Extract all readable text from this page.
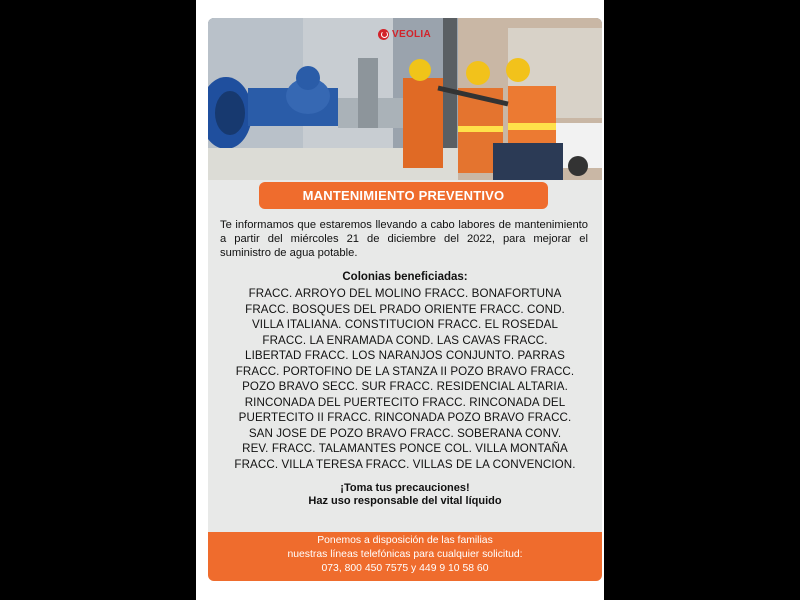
VEOLIA
MANTENIMIENTO PREVENTIVO
Te informamos que estaremos llevando a cabo labores de mantenimiento a partir del miércoles 21 de diciembre del 2022, para mejorar el suministro de agua potable.
Colonias beneficiadas:
FRACC. ARROYO DEL MOLINO FRACC. BONAFORTUNA
FRACC. BOSQUES DEL PRADO ORIENTE FRACC. COND.
VILLA ITALIANA. CONSTITUCION FRACC. EL ROSEDAL
FRACC. LA ENRAMADA COND. LAS CAVAS FRACC.
LIBERTAD FRACC. LOS NARANJOS CONJUNTO. PARRAS
FRACC. PORTOFINO DE LA STANZA II POZO BRAVO FRACC.
POZO BRAVO SECC. SUR FRACC. RESIDENCIAL ALTARIA.
RINCONADA DEL PUERTECITO FRACC. RINCONADA DEL
PUERTECITO II FRACC. RINCONADA POZO BRAVO FRACC.
SAN JOSE DE POZO BRAVO FRACC. SOBERANA CONV.
REV. FRACC. TALAMANTES PONCE COL. VILLA MONTAÑA
FRACC. VILLA TERESA FRACC. VILLAS DE LA CONVENCION.
¡Toma tus precauciones!
Haz uso responsable del vital líquido
Ponemos a disposición de las familias
nuestras líneas telefónicas para cualquier solicitud:
073, 800 450 7575 y 449 9 10 58 60
